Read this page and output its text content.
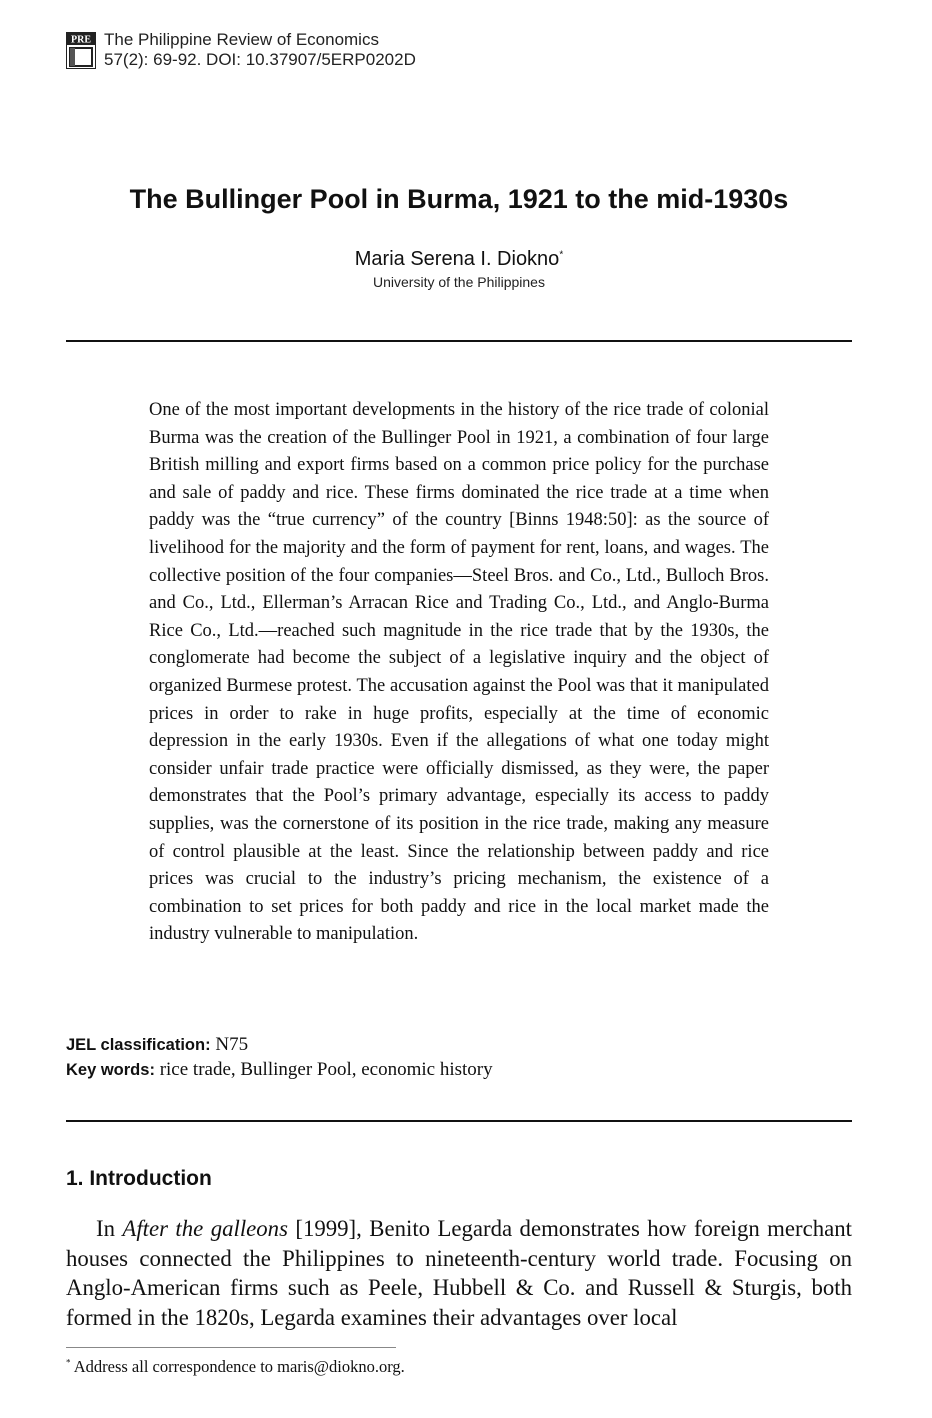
PRE The Philippine Review of Economics
57(2): 69-92. DOI: 10.37907/5ERP0202D
The Bullinger Pool in Burma, 1921 to the mid-1930s
Maria Serena I. Diokno*
University of the Philippines
One of the most important developments in the history of the rice trade of colonial Burma was the creation of the Bullinger Pool in 1921, a combination of four large British milling and export firms based on a common price policy for the purchase and sale of paddy and rice. These firms dominated the rice trade at a time when paddy was the “true currency” of the country [Binns 1948:50]: as the source of livelihood for the majority and the form of payment for rent, loans, and wages. The collective position of the four companies—Steel Bros. and Co., Ltd., Bulloch Bros. and Co., Ltd., Ellerman’s Arracan Rice and Trading Co., Ltd., and Anglo-Burma Rice Co., Ltd.—reached such magnitude in the rice trade that by the 1930s, the conglomerate had become the subject of a legislative inquiry and the object of organized Burmese protest. The accusation against the Pool was that it manipulated prices in order to rake in huge profits, especially at the time of economic depression in the early 1930s. Even if the allegations of what one today might consider unfair trade practice were officially dismissed, as they were, the paper demonstrates that the Pool’s primary advantage, especially its access to paddy supplies, was the cornerstone of its position in the rice trade, making any measure of control plausible at the least. Since the relationship between paddy and rice prices was crucial to the industry’s pricing mechanism, the existence of a combination to set prices for both paddy and rice in the local market made the industry vulnerable to manipulation.
JEL classification: N75
Key words: rice trade, Bullinger Pool, economic history
1. Introduction
In After the galleons [1999], Benito Legarda demonstrates how foreign merchant houses connected the Philippines to nineteenth-century world trade. Focusing on Anglo-American firms such as Peele, Hubbell & Co. and Russell & Sturgis, both formed in the 1820s, Legarda examines their advantages over local
* Address all correspondence to maris@diokno.org.
